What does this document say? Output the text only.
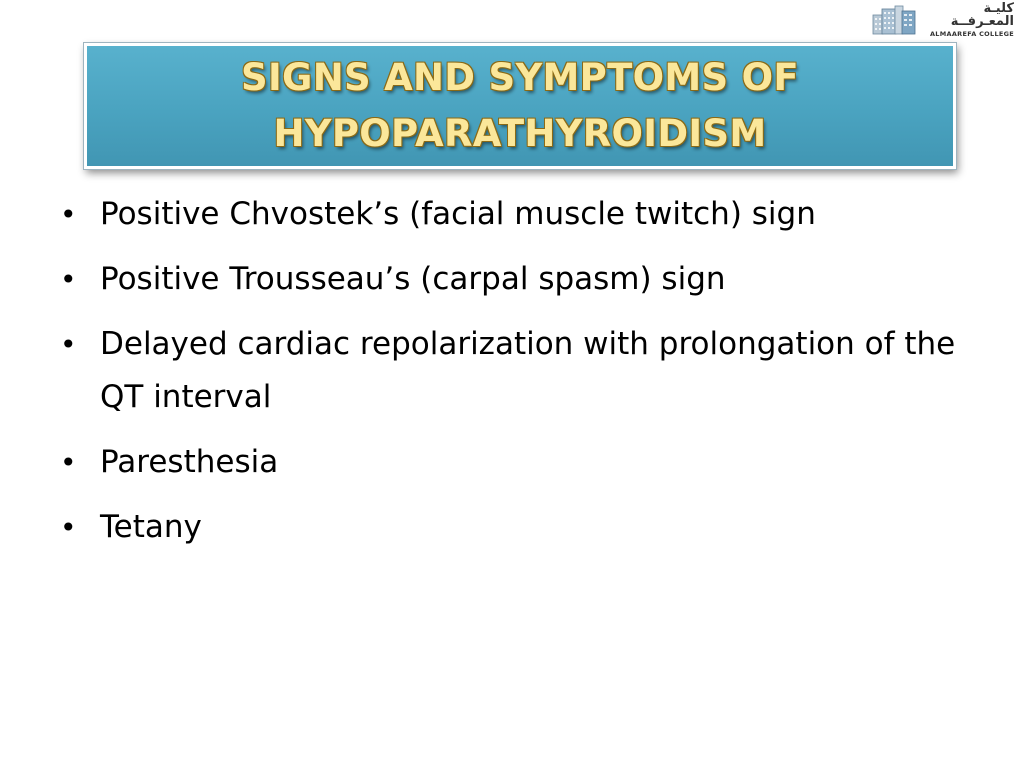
كليـة المعـرفــة
ALMAAREFA COLLEGE
SIGNS AND SYMPTOMS OF
HYPOPARATHYROIDISM
• Positive Chvostek’s (facial muscle twitch) sign
• Positive Trousseau’s (carpal spasm) sign
• Delayed cardiac repolarization with prolongation of the QT interval
• Paresthesia
• Tetany
